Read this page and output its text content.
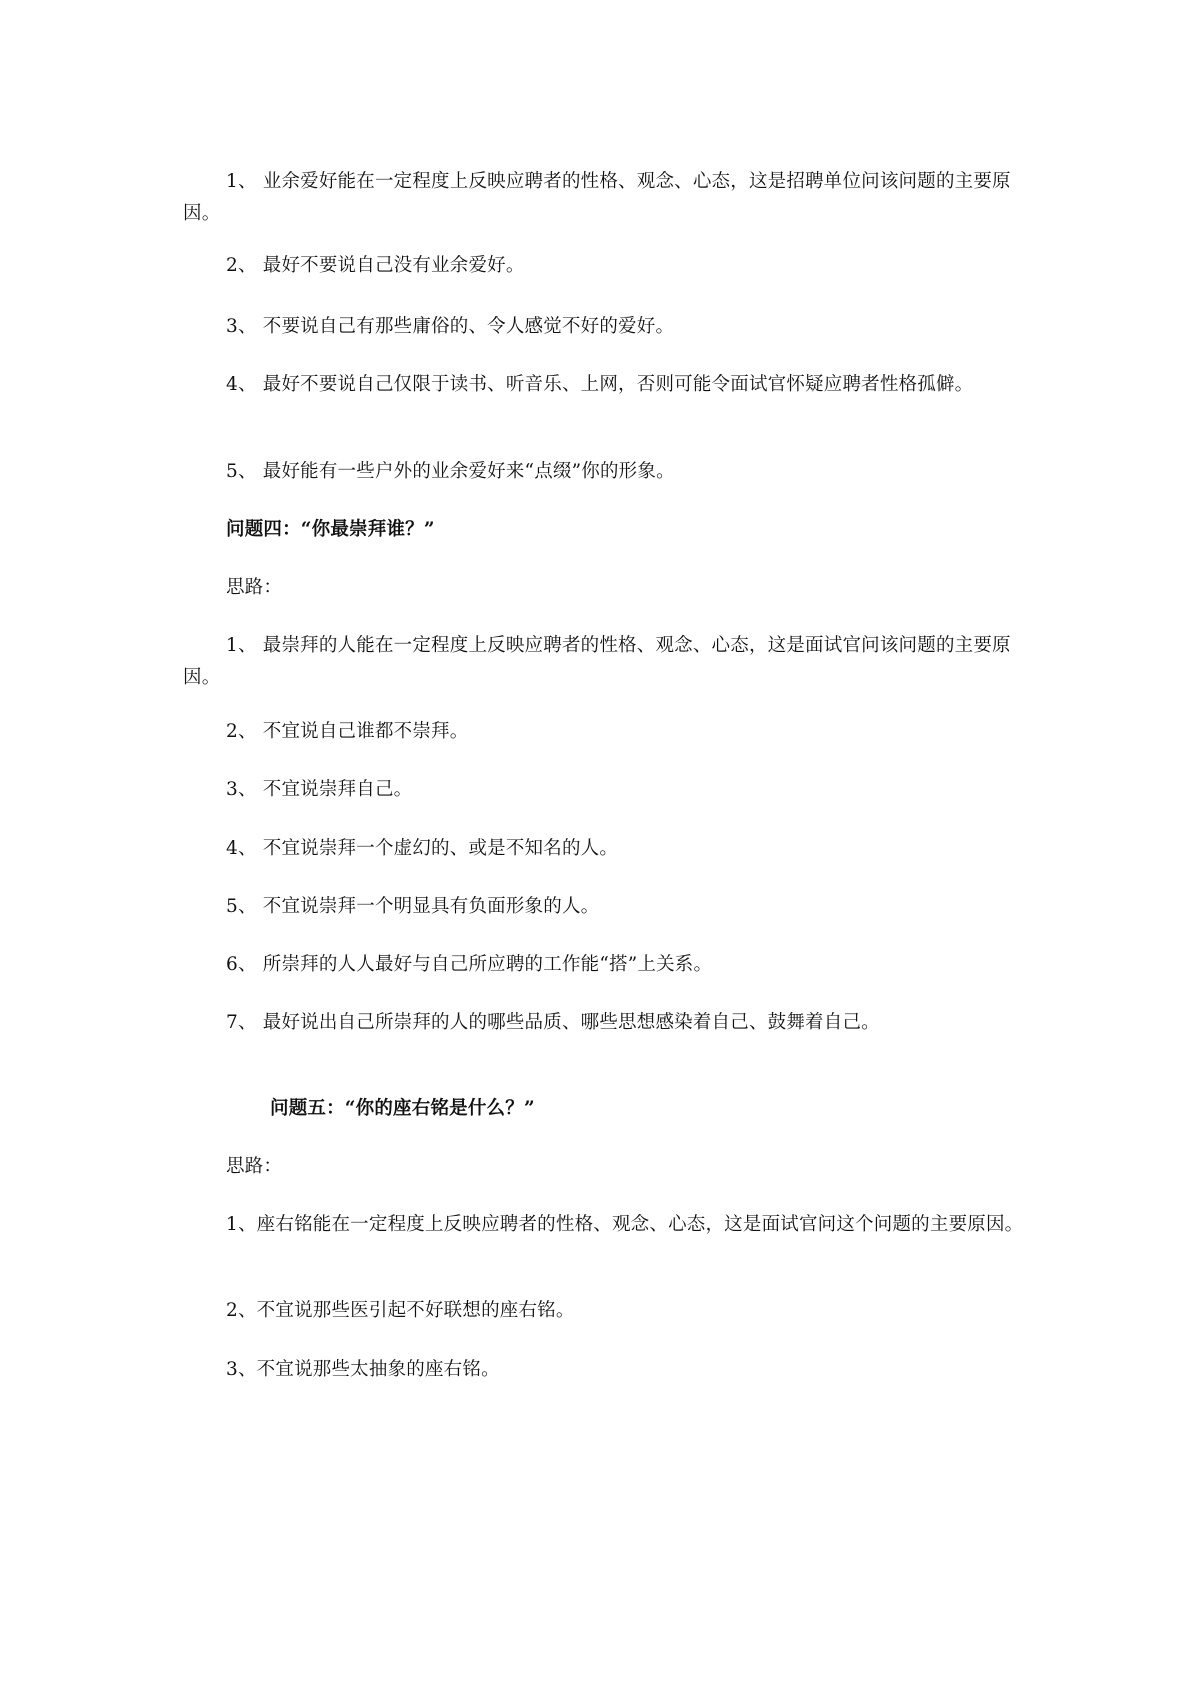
1、 业余爱好能在一定程度上反映应聘者的性格、观念、心态，这是招聘单位问该问题的主要原因。
2、 最好不要说自己没有业余爱好。
3、 不要说自己有那些庸俗的、令人感觉不好的爱好。
4、 最好不要说自己仅限于读书、听音乐、上网，否则可能令面试官怀疑应聘者性格孤僻。
5、 最好能有一些户外的业余爱好来“点缀”你的形象。
问题四：“你最崇拜谁？”
思路：
1、 最崇拜的人能在一定程度上反映应聘者的性格、观念、心态，这是面试官问该问题的主要原因。
2、 不宜说自己谁都不崇拜。
3、 不宜说崇拜自己。
4、 不宜说崇拜一个虚幻的、或是不知名的人。
5、 不宜说崇拜一个明显具有负面形象的人。
6、 所崇拜的人人最好与自己所应聘的工作能“搭”上关系。
7、 最好说出自己所崇拜的人的哪些品质、哪些思想感染着自己、鼓舞着自己。
问题五：“你的座右铭是什么？”
思路：
1、座右铭能在一定程度上反映应聘者的性格、观念、心态，这是面试官问这个问题的主要原因。
2、不宜说那些医引起不好联想的座右铭。
3、不宜说那些太抽象的座右铭。
